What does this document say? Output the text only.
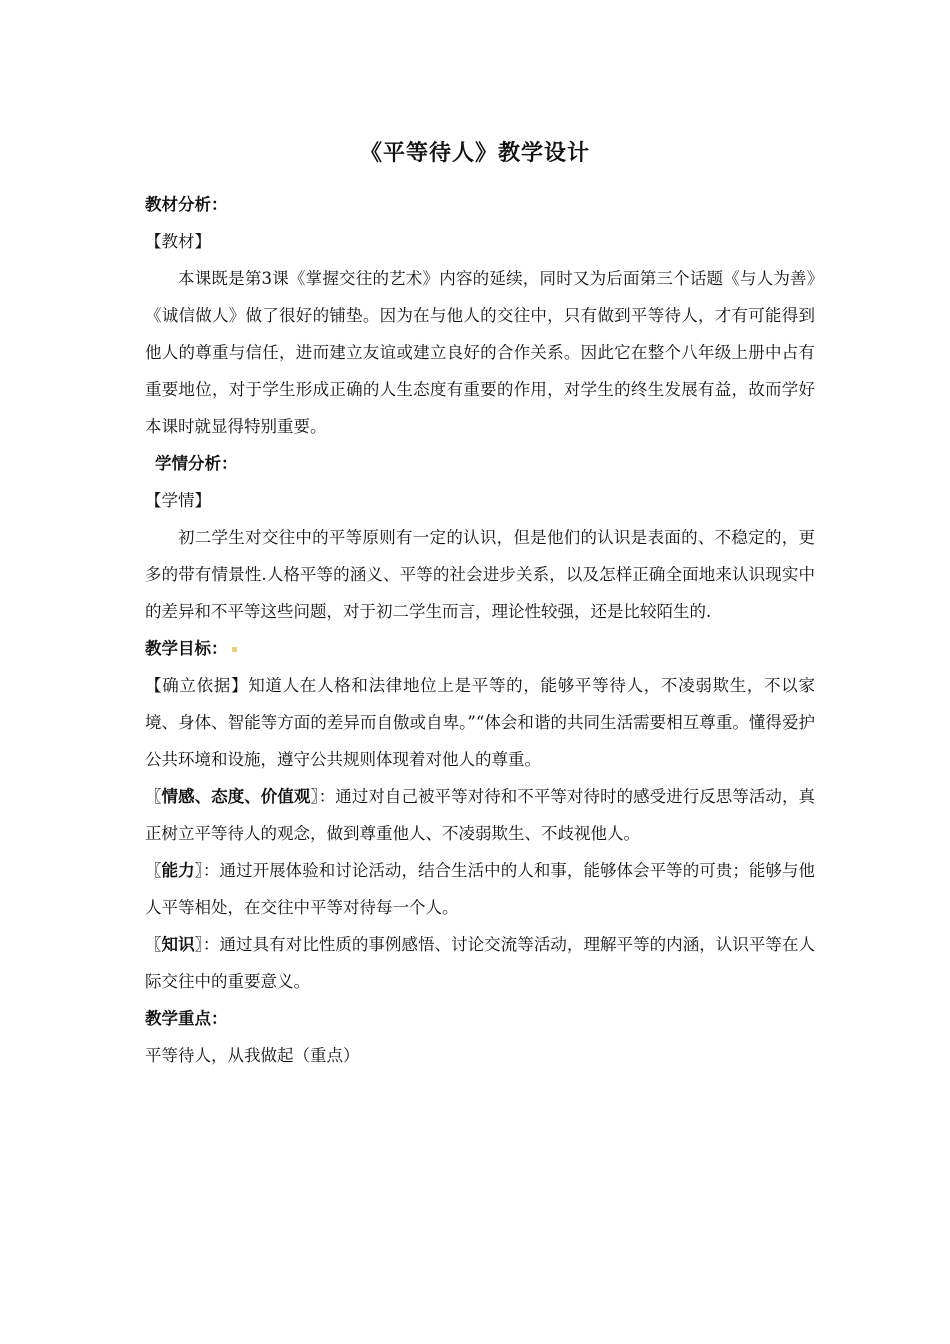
《平等待人》教学设计

教材分析：

【教材】

本课既是第3课《掌握交往的艺术》内容的延续，同时又为后面第三个话题《与人为善》《诚信做人》做了很好的铺垫。因为在与他人的交往中，只有做到平等待人，才有可能得到他人的尊重与信任，进而建立友谊或建立良好的合作关系。因此它在整个八年级上册中占有重要地位，对于学生形成正确的人生态度有重要的作用，对学生的终生发展有益，故而学好本课时就显得特别重要。

学情分析：

【学情】

初二学生对交往中的平等原则有一定的认识，但是他们的认识是表面的、不稳定的，更多的带有情景性.人格平等的涵义、平等的社会进步关系，以及怎样正确全面地来认识现实中的差异和不平等这些问题，对于初二学生而言，理论性较强，还是比较陌生的.

教学目标：

【确立依据】知道人在人格和法律地位上是平等的，能够平等待人，不凌弱欺生，不以家境、身体、智能等方面的差异而自傲或自卑。”“体会和谐的共同生活需要相互尊重。懂得爱护公共环境和设施，遵守公共规则体现着对他人的尊重。

〖情感、态度、价值观〗：通过对自己被平等对待和不平等对待时的感受进行反思等活动，真正树立平等待人的观念，做到尊重他人、不凌弱欺生、不歧视他人。

〖能力〗：通过开展体验和讨论活动，结合生活中的人和事，能够体会平等的可贵；能够与他人平等相处，在交往中平等对待每一个人。

〖知识〗：通过具有对比性质的事例感悟、讨论交流等活动，理解平等的内涵，认识平等在人际交往中的重要意义。

教学重点：

平等待人，从我做起（重点）
